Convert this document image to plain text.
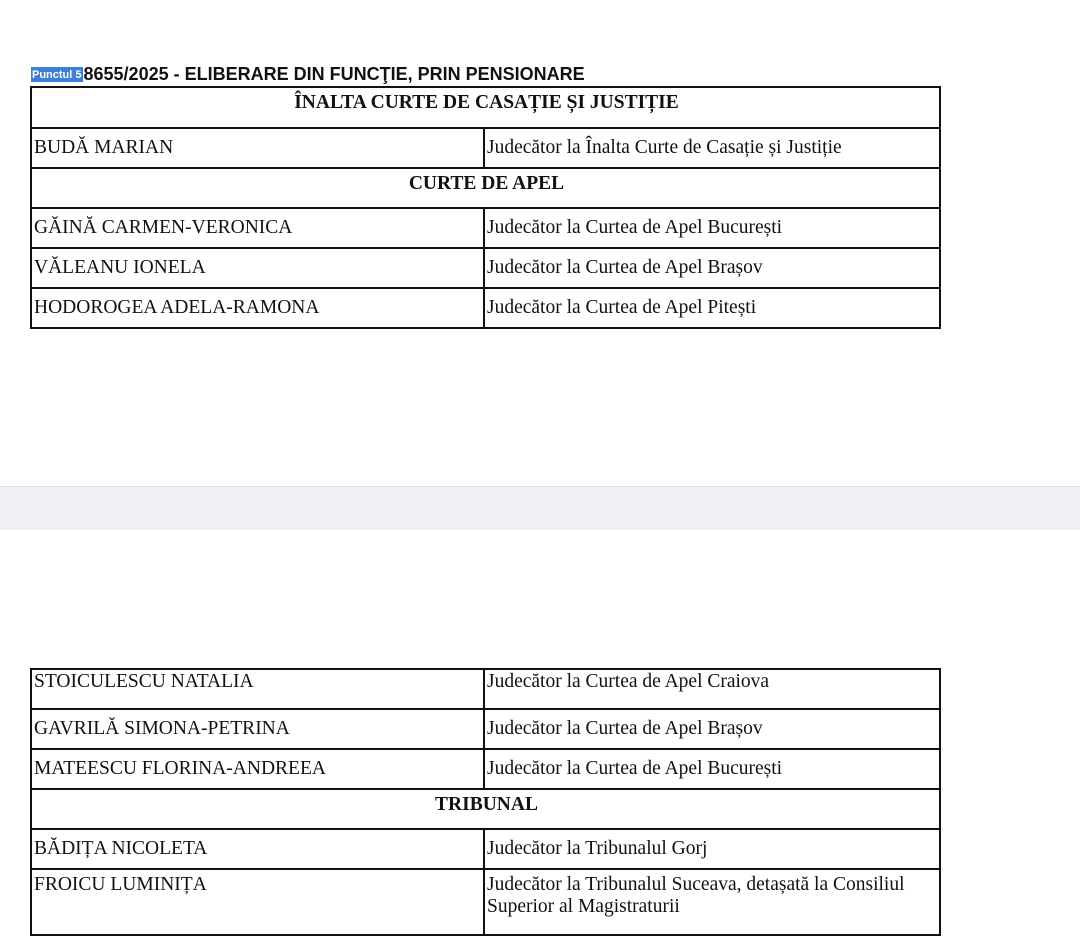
Punctul 5 8655/2025 - ELIBERARE DIN FUNCŢIE, PRIN PENSIONARE
ÎNALTA CURTE DE CASAȚIE ȘI JUSTIȚIE	
BUDĂ MARIAN	Judecător la Înalta Curte de Casație și Justiție
CURTE DE APEL	
GĂINĂ CARMEN-VERONICA	Judecător la Curtea de Apel București
VĂLEANU IONELA	Judecător la Curtea de Apel Brașov
HODOROGEA ADELA-RAMONA	Judecător la Curtea de Apel Pitești
STOICULESCU NATALIA	Judecător la Curtea de Apel Craiova
GAVRILĂ SIMONA-PETRINA	Judecător la Curtea de Apel Brașov
MATEESCU FLORINA-ANDREEA	Judecător la Curtea de Apel București
TRIBUNAL	
BĂDIȚA NICOLETA	Judecător la Tribunalul Gorj
FROICU LUMINIȚA	Judecător la Tribunalul Suceava, detașată la Consiliul Superior al Magistraturii
